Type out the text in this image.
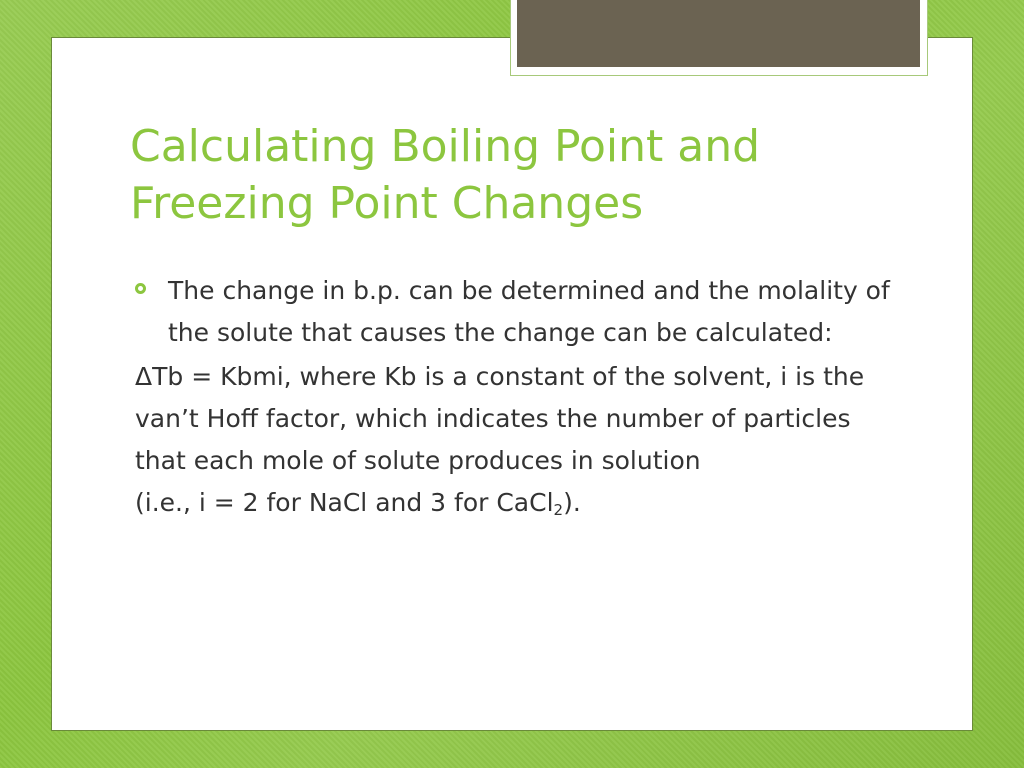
Calculating Boiling Point and Freezing Point Changes
The change in b.p. can be determined and the molality of the solute that causes the change can be calculated:
ΔTb = Kbmi, where Kb is a constant of the solvent, i is the van’t Hoff factor, which indicates the number of particles that each mole of solute produces in solution
(i.e., i = 2 for NaCl and 3 for CaCl$_2$).
